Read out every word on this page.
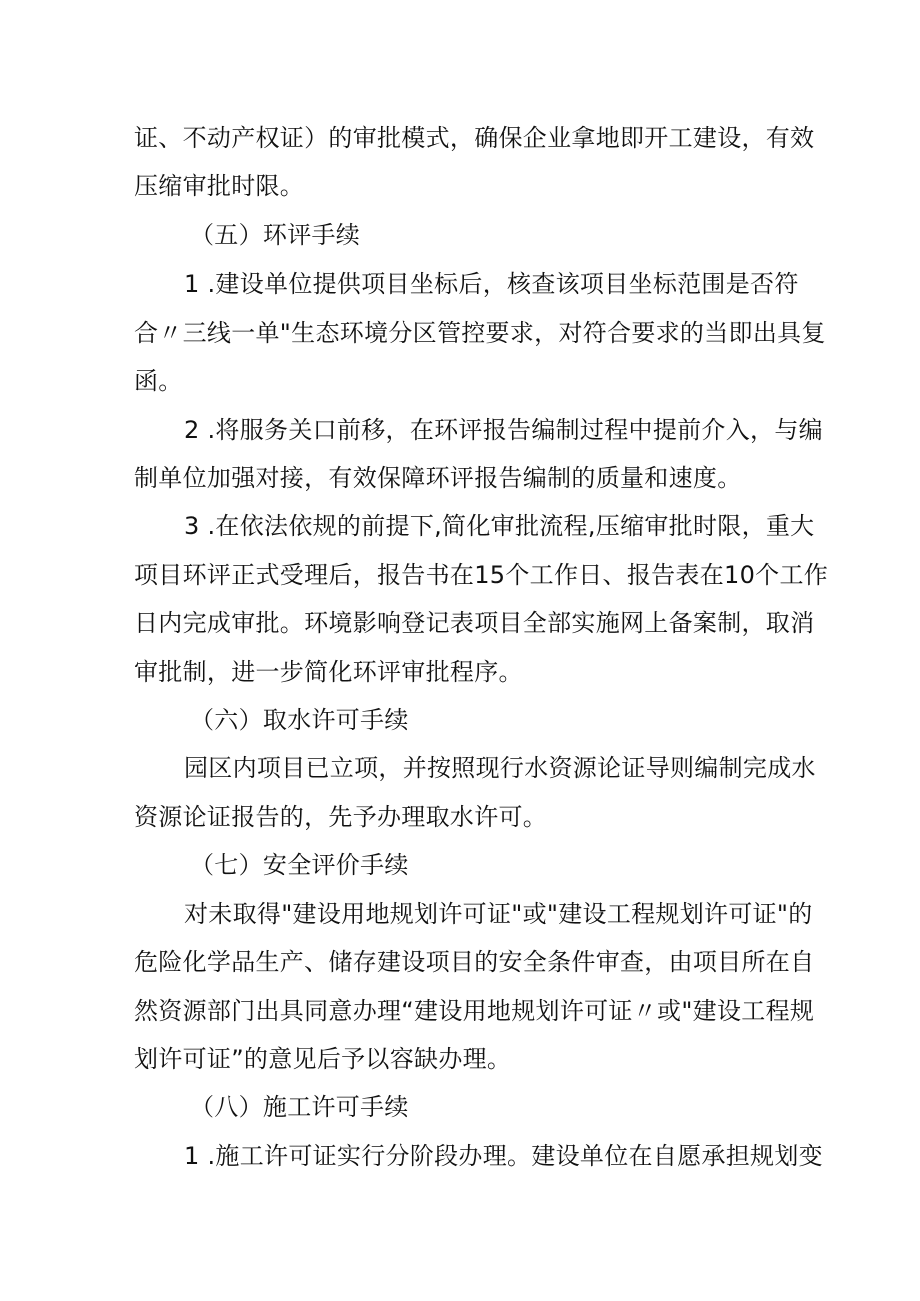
证、不动产权证）的审批模式，确保企业拿地即开工建设，有效
压缩审批时限。
（五）环评手续
1 .建设单位提供项目坐标后，核查该项目坐标范围是否符
合〃三线一单"生态环境分区管控要求，对符合要求的当即出具复
函。
2 .将服务关口前移，在环评报告编制过程中提前介入，与编
制单位加强对接，有效保障环评报告编制的质量和速度。
3 .在依法依规的前提下,简化审批流程,压缩审批时限，重大
项目环评正式受理后，报告书在15个工作日、报告表在10个工作
日内完成审批。环境影响登记表项目全部实施网上备案制，取消
审批制，进一步简化环评审批程序。
（六）取水许可手续
园区内项目已立项，并按照现行水资源论证导则编制完成水
资源论证报告的，先予办理取水许可。
（七）安全评价手续
对未取得"建设用地规划许可证"或"建设工程规划许可证"的
危险化学品生产、储存建设项目的安全条件审查，由项目所在自
然资源部门出具同意办理“建设用地规划许可证〃或"建设工程规
划许可证”的意见后予以容缺办理。
（八）施工许可手续
1 .施工许可证实行分阶段办理。建设单位在自愿承担规划变
